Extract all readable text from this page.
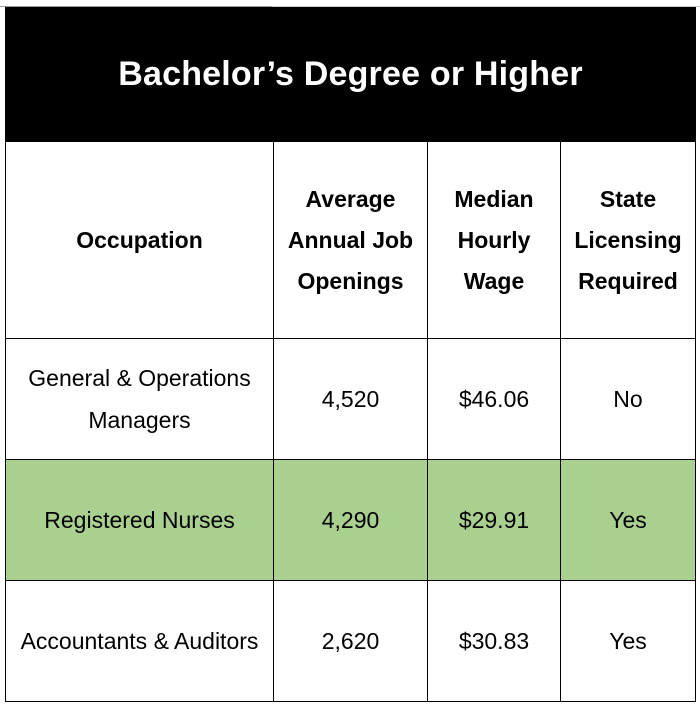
Bachelor’s Degree or Higher			
Occupation	Average Annual Job Openings	Median Hourly Wage	State Licensing Required
General & Operations Managers	4,520	$46.06	No
Registered Nurses	4,290	$29.91	Yes
Accountants & Auditors	2,620	$30.83	Yes
